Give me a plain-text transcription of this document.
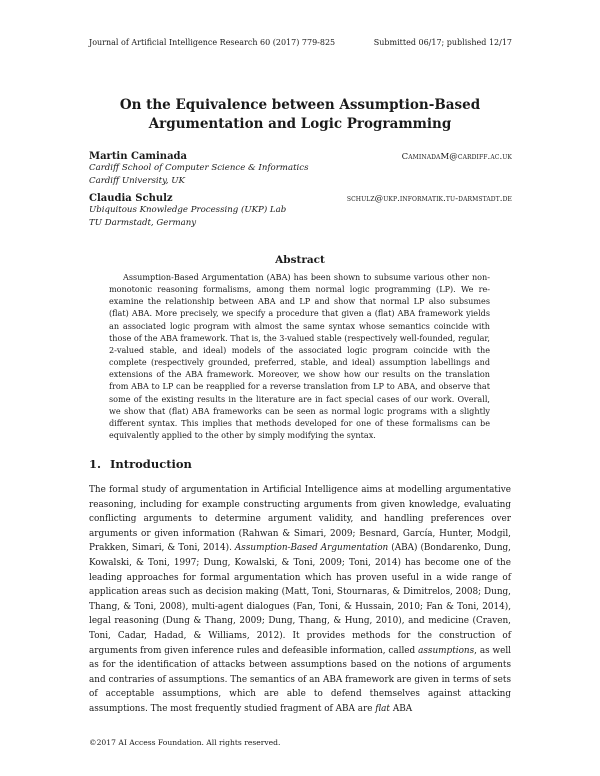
Journal of Artificial Intelligence Research 60 (2017) 779-825	Submitted 06/17; published 12/17
On the Equivalence between Assumption-Based
Argumentation and Logic Programming
Martin Caminada	CaminadaM@cardiff.ac.uk
Cardiff School of Computer Science & Informatics
Cardiff University, UK
Claudia Schulz	schulz@ukp.informatik.tu-darmstadt.de
Ubiquitous Knowledge Processing (UKP) Lab
TU Darmstadt, Germany
Abstract

Assumption-Based Argumentation (ABA) has been shown to subsume various other non-monotonic reasoning formalisms, among them normal logic programming (LP). We re-examine the relationship between ABA and LP and show that normal LP also subsumes (flat) ABA. More precisely, we specify a procedure that given a (flat) ABA framework yields an associated logic program with almost the same syntax whose semantics coincide with those of the ABA framework. That is, the 3-valued stable (respectively well-founded, regular, 2-valued stable, and ideal) models of the associated logic program coincide with the complete (respectively grounded, preferred, stable, and ideal) assumption labellings and extensions of the ABA framework. Moreover, we show how our results on the translation from ABA to LP can be reapplied for a reverse translation from LP to ABA, and observe that some of the existing results in the literature are in fact special cases of our work. Overall, we show that (flat) ABA frameworks can be seen as normal logic programs with a slightly different syntax. This implies that methods developed for one of these formalisms can be equivalently applied to the other by simply modifying the syntax.

1. Introduction

The formal study of argumentation in Artificial Intelligence aims at modelling argumentative reasoning, including for example constructing arguments from given knowledge, evaluating conflicting arguments to determine argument validity, and handling preferences over arguments or given information (Rahwan & Simari, 2009; Besnard, García, Hunter, Modgil, Prakken, Simari, & Toni, 2014). Assumption-Based Argumentation (ABA) (Bondarenko, Dung, Kowalski, & Toni, 1997; Dung, Kowalski, & Toni, 2009; Toni, 2014) has become one of the leading approaches for formal argumentation which has proven useful in a wide range of application areas such as decision making (Matt, Toni, Stournaras, & Dimitrelos, 2008; Dung, Thang, & Toni, 2008), multi-agent dialogues (Fan, Toni, & Hussain, 2010; Fan & Toni, 2014), legal reasoning (Dung & Thang, 2009; Dung, Thang, & Hung, 2010), and medicine (Craven, Toni, Cadar, Hadad, & Williams, 2012). It provides methods for the construction of arguments from given inference rules and defeasible information, called assumptions, as well as for the identification of attacks between assumptions based on the notions of arguments and contraries of assumptions. The semantics of an ABA framework are given in terms of sets of acceptable assumptions, which are able to defend themselves against attacking assumptions. The most frequently studied fragment of ABA are flat ABA

©2017 AI Access Foundation. All rights reserved.
